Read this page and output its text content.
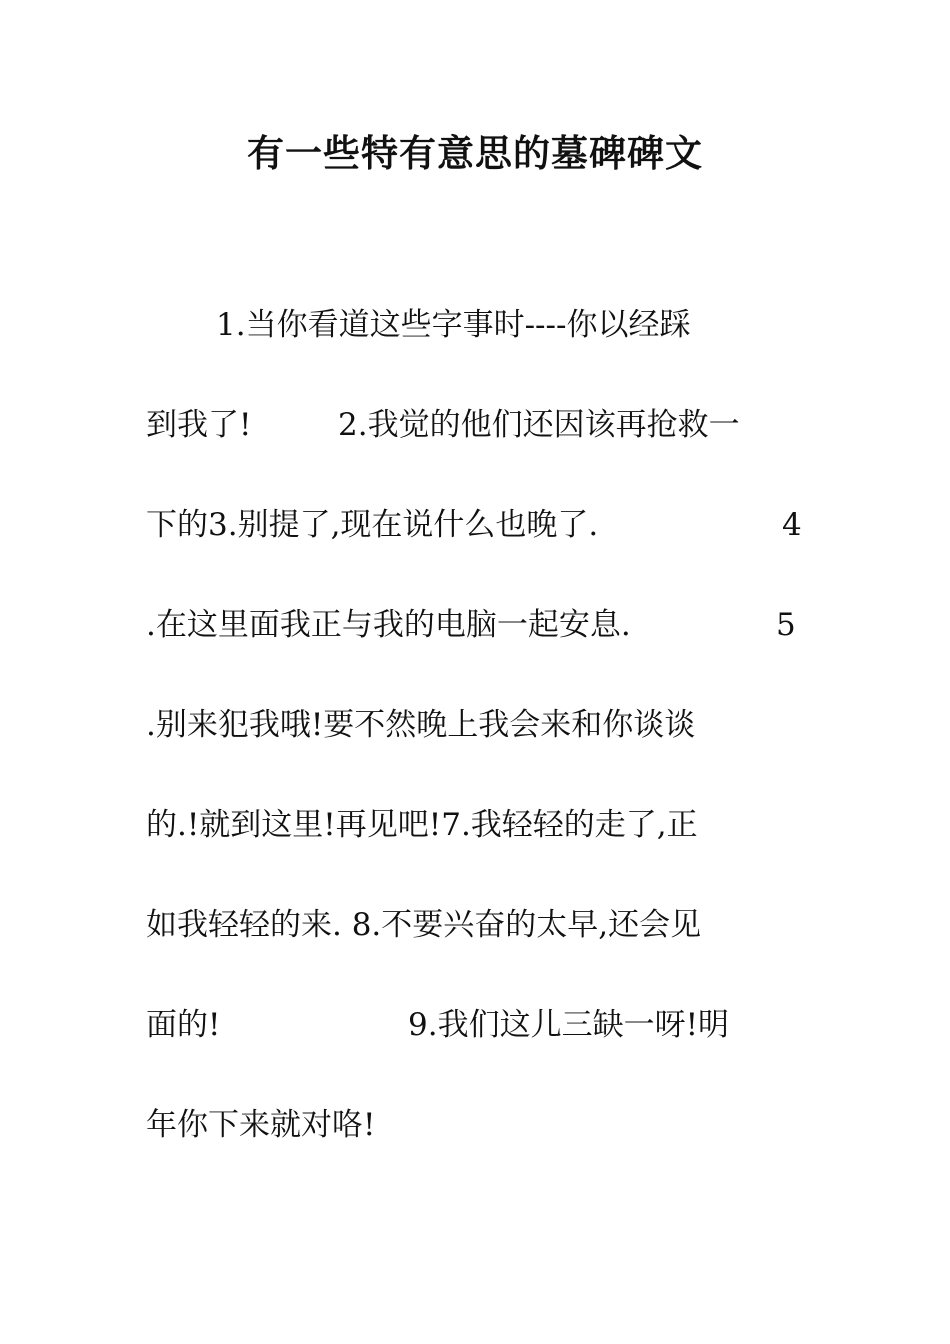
有一些特有意思的墓碑碑文
1.当你看道这些字事时----你以经踩
到我了!	2.我觉的他们还因该再抢救一
下的3.别提了,现在说什么也晚了.	4
.在这里面我正与我的电脑一起安息.	5
.别来犯我哦!要不然晚上我会来和你谈谈
的.!就到这里!再见吧!7.我轻轻的走了,正
如我轻轻的来. 8.不要兴奋的太早,还会见
面的!	9.我们这儿三缺一呀!明
年你下来就对咯!
